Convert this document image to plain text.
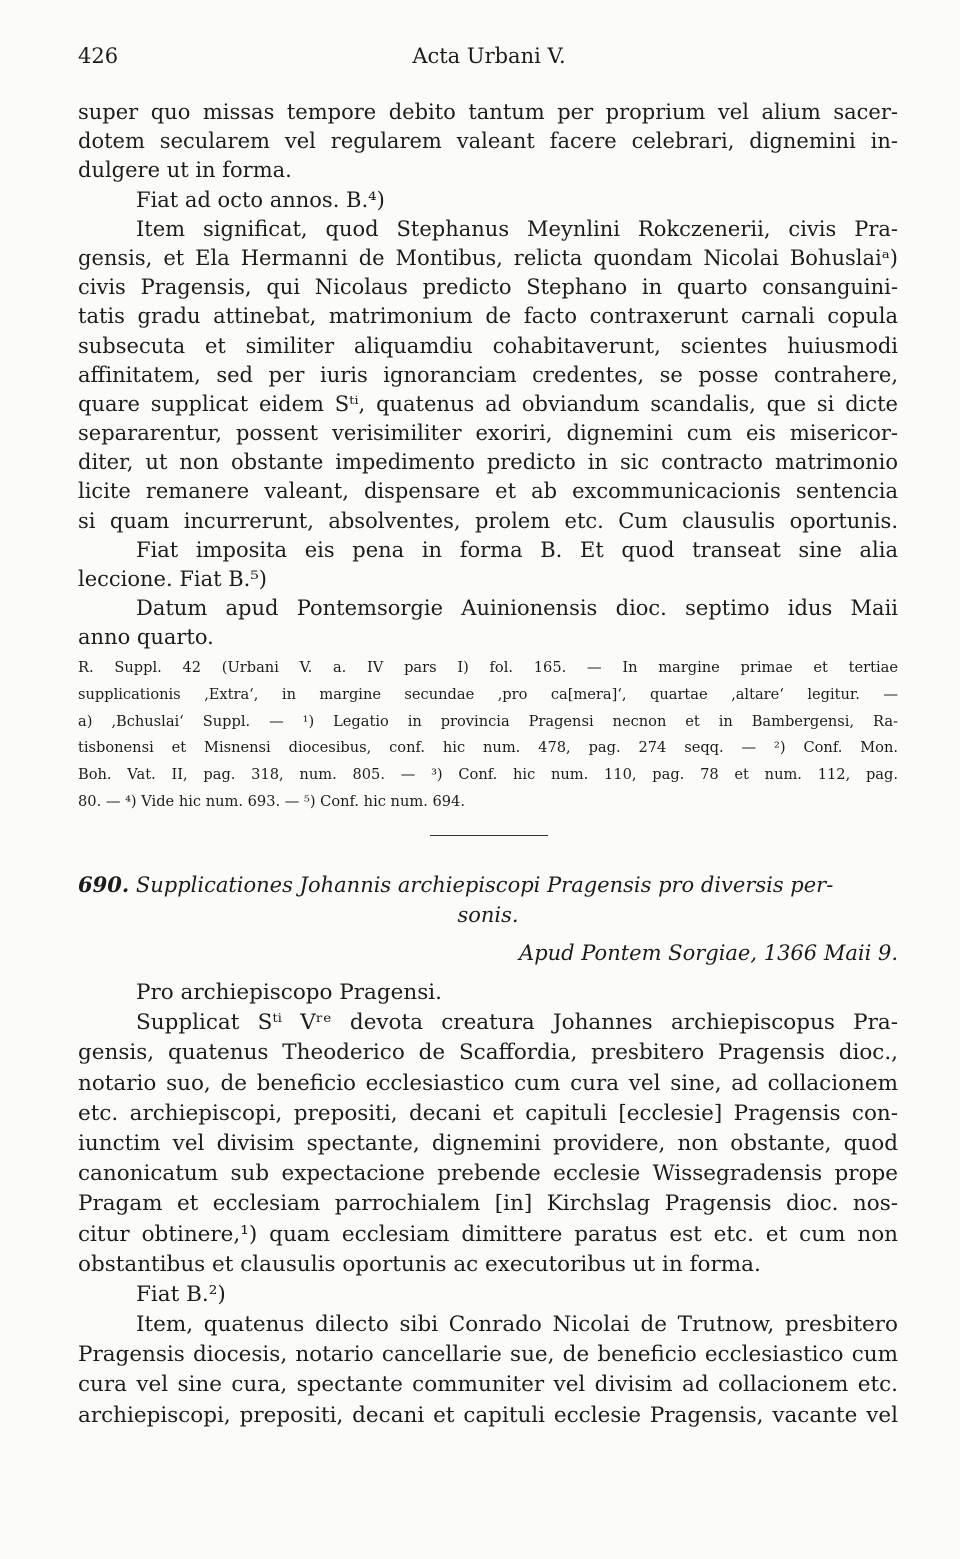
426	Acta Urbani V.
super quo missas tempore debito tantum per proprium vel alium sacer-
dotem secularem vel regularem valeant facere celebrari, dignemini in-
dulgere ut in forma.
Fiat ad octo annos. B.⁴)
Item significat, quod Stephanus Meynlini Rokczenerii, civis Pra-
gensis, et Ela Hermanni de Montibus, relicta quondam Nicolai Bohuslaiᵃ)
civis Pragensis, qui Nicolaus predicto Stephano in quarto consanguini-
tatis gradu attinebat, matrimonium de facto contraxerunt carnali copula
subsecuta et similiter aliquamdiu cohabitaverunt, scientes huiusmodi
affinitatem, sed per iuris ignoranciam credentes, se posse contrahere,
quare supplicat eidem Sᵗⁱ, quatenus ad obviandum scandalis, que si dicte
separarentur, possent verisimiliter exoriri, dignemini cum eis misericor-
diter, ut non obstante impedimento predicto in sic contracto matrimonio
licite remanere valeant, dispensare et ab excommunicacionis sentencia
si quam incurrerunt, absolventes, prolem etc. Cum clausulis oportunis.
Fiat imposita eis pena in forma B. Et quod transeat sine alia
leccione. Fiat B.⁵)
Datum apud Pontemsorgie Auinionensis dioc. septimo idus Maii
anno quarto.
R. Suppl. 42 (Urbani V. a. IV pars I) fol. 165. — In margine primae et tertiae
supplicationis ‚Extra‘, in margine secundae ‚pro ca[mera]‘, quartae ‚altare‘ legitur. —
a) ‚Bchuslai‘ Suppl. — ¹) Legatio in provincia Pragensi necnon et in Bambergensi, Ra-
tisbonensi et Misnensi diocesibus, conf. hic num. 478, pag. 274 seqq. — ²) Conf. Mon.
Boh. Vat. II, pag. 318, num. 805. — ³) Conf. hic num. 110, pag. 78 et num. 112, pag.
80. — ⁴) Vide hic num. 693. — ⁵) Conf. hic num. 694.
690. Supplicationes Johannis archiepiscopi Pragensis pro diversis per-
sonis.
Apud Pontem Sorgiae, 1366 Maii 9.
Pro archiepiscopo Pragensi.
Supplicat Sᵗⁱ Vʳᵉ devota creatura Johannes archiepiscopus Pra-
gensis, quatenus Theoderico de Scaffordia, presbitero Pragensis dioc.,
notario suo, de beneficio ecclesiastico cum cura vel sine, ad collacionem
etc. archiepiscopi, prepositi, decani et capituli [ecclesie] Pragensis con-
iunctim vel divisim spectante, dignemini providere, non obstante, quod
canonicatum sub expectacione prebende ecclesie Wissegradensis prope
Pragam et ecclesiam parrochialem [in] Kirchslag Pragensis dioc. nos-
citur obtinere,¹) quam ecclesiam dimittere paratus est etc. et cum non
obstantibus et clausulis oportunis ac executoribus ut in forma.
Fiat B.²)
Item, quatenus dilecto sibi Conrado Nicolai de Trutnow, presbitero
Pragensis diocesis, notario cancellarie sue, de beneficio ecclesiastico cum
cura vel sine cura, spectante communiter vel divisim ad collacionem etc.
archiepiscopi, prepositi, decani et capituli ecclesie Pragensis, vacante vel
